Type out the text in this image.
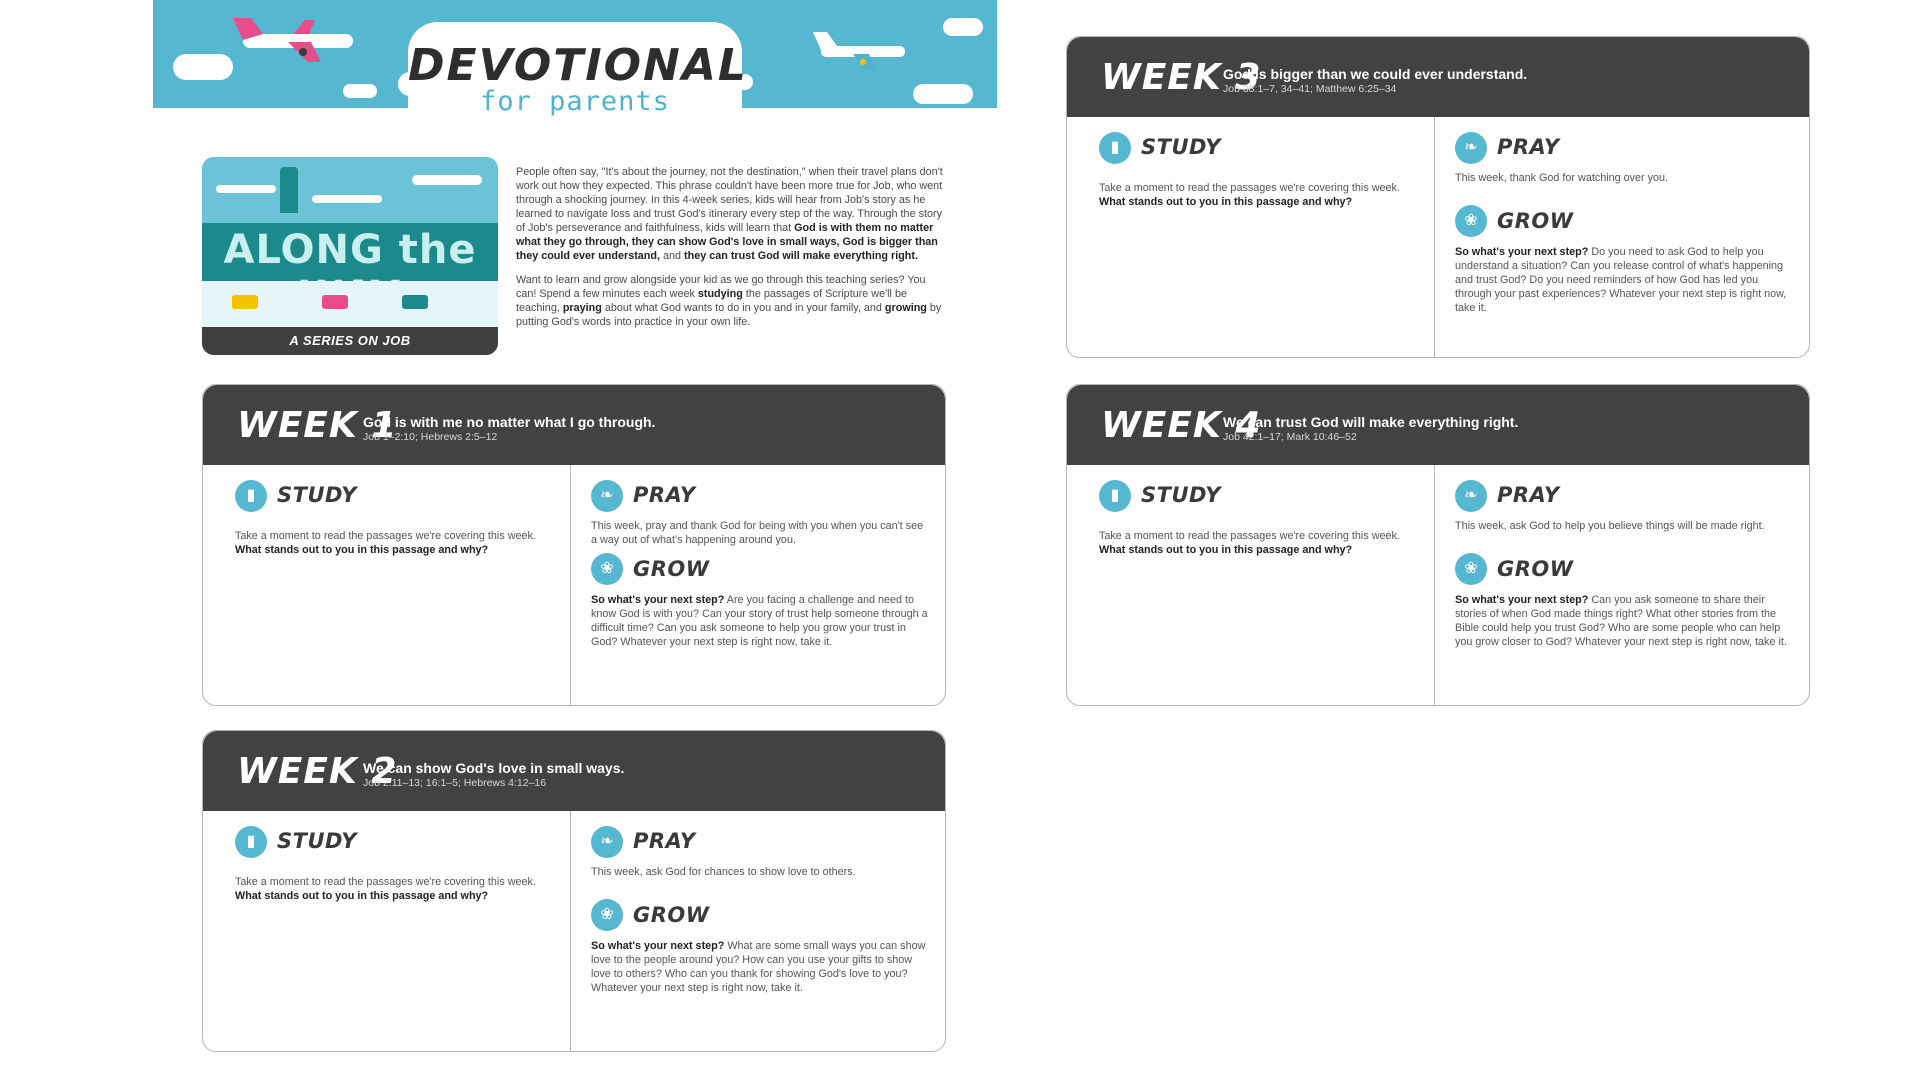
DEVOTIONAL
for parents
ALONG the
A SERIES ON JOB

People often say, "It's about the journey, not the destination," when their travel plans don't work out how they expected. This phrase couldn't have been more true for Job, who went through a shocking journey. In this 4-week series, kids will hear from Job's story as he learned to navigate loss and trust God's itinerary every step of the way. Through the story of Job's perseverance and faithfulness, kids will learn that God is with them no matter what they go through, they can show God's love in small ways, God is bigger than they could ever understand, and they can trust God will make everything right.

Want to learn and grow alongside your kid as we go through this teaching series? You can! Spend a few minutes each week studying the passages of Scripture we'll be teaching, praying about what God wants to do in you and in your family, and growing by putting God's words into practice in your own life.

WEEK 1
God is with me no matter what I go through.
Job 1–2:10; Hebrews 2:5–12
▮	STUDY
Take a moment to read the passages we're covering this week.
What stands out to you in this passage and why?
❧ PRAY
This week, pray and thank God for being with you when you can't see a way out of what's happening around you.
❀ GROW
So what's your next step? Are you facing a challenge and need to know God is with you? Can your story of trust help someone through a difficult time? Can you ask someone to help you grow your trust in God? Whatever your next step is right now, take it.
WEEK 2
We can show God's love in small ways.
Job 2:11–13; 16:1–5; Hebrews 4:12–16
▮	STUDY
Take a moment to read the passages we're covering this week.
What stands out to you in this passage and why?
❧ PRAY
This week, ask God for chances to show love to others.
❀ GROW
So what's your next step? What are some small ways you can show love to the people around you? How can you use your gifts to show love to others? Who can you thank for showing God's love to you? Whatever your next step is right now, take it.
WEEK 3
God is bigger than we could ever understand.
Job 38:1–7, 34–41; Matthew 6:25–34
▮	STUDY
Take a moment to read the passages we're covering this week.
What stands out to you in this passage and why?
❧ PRAY
This week, thank God for watching over you.
❀ GROW
So what's your next step? Do you need to ask God to help you understand a situation? Can you release control of what's happening and trust God? Do you need reminders of how God has led you through your past experiences? Whatever your next step is right now, take it.
WEEK 4
We can trust God will make everything right.
Job 42:1–17; Mark 10:46–52
▮	STUDY
Take a moment to read the passages we're covering this week.
What stands out to you in this passage and why?
❧ PRAY
This week, ask God to help you believe things will be made right.
❀ GROW
So what's your next step? Can you ask someone to share their stories of when God made things right? What other stories from the Bible could help you trust God? Who are some people who can help you grow closer to God? Whatever your next step is right now, take it.
